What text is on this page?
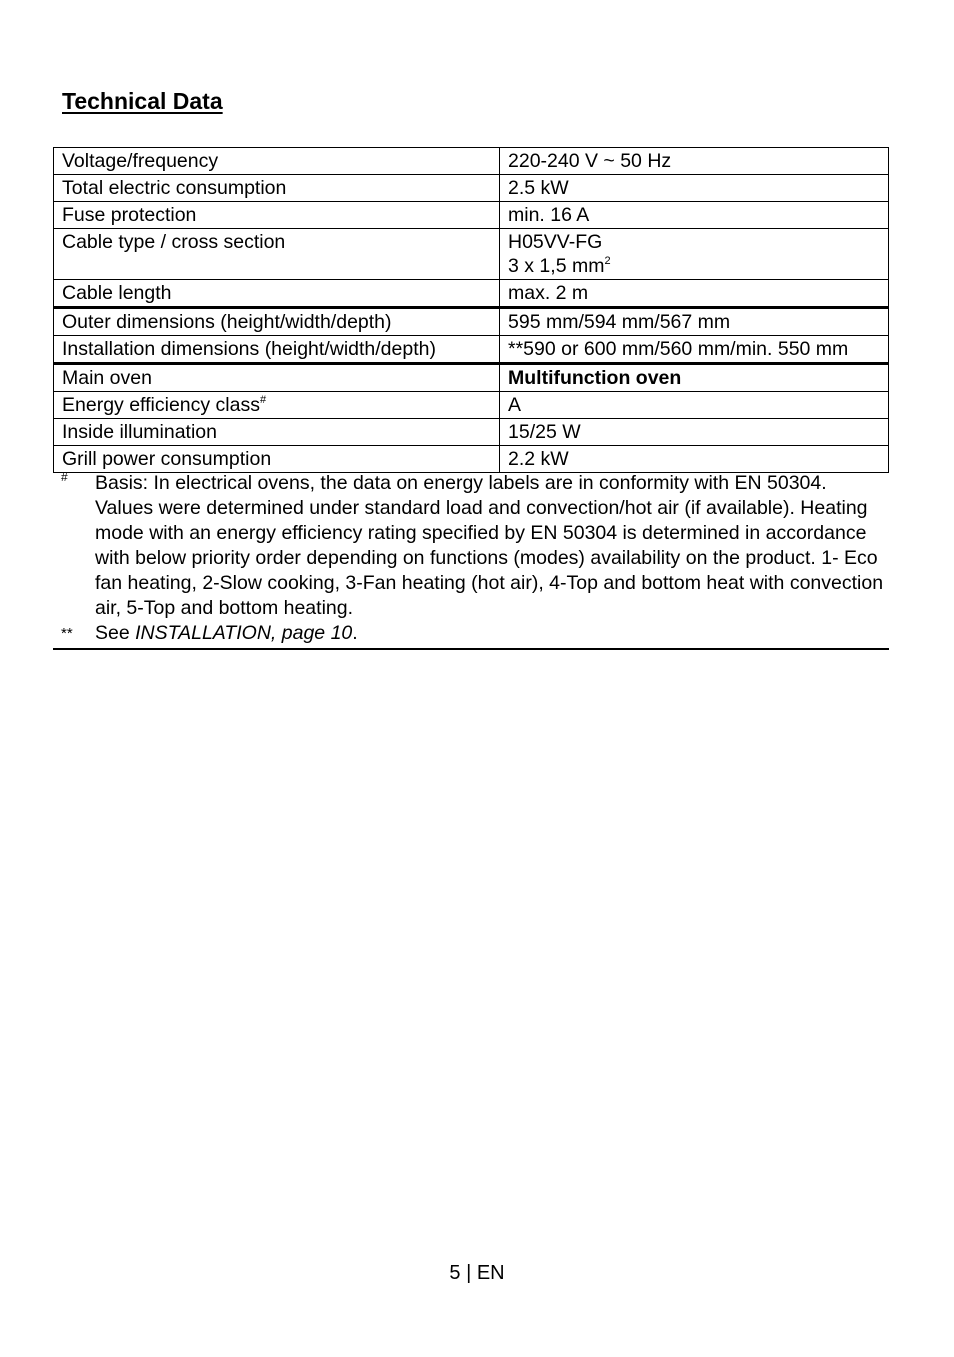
Technical Data
Voltage/frequency	220-240 V ~ 50 Hz
Total electric consumption	2.5 kW
Fuse protection	min. 16 A
Cable type / cross section	H05VV-FG
3 x 1,5 $mm^2$
Cable length	max. 2 m
Outer dimensions (height/width/depth)	595 mm/594 mm/567 mm
Installation dimensions (height/width/depth)	**590 or 600 mm/560 mm/min. 550 mm
Main oven	Multifunction oven
Energy efficiency class#	A
Inside illumination	15/25 W
Grill power consumption	2.2 kW
# Basis: In electrical ovens, the data on energy labels are in conformity with EN 50304. Values were determined under standard load and convection/hot air (if available). Heating mode with an energy efficiency rating specified by EN 50304 is determined in accordance with below priority order depending on functions (modes) availability on the product. 1- Eco fan heating, 2-Slow cooking, 3-Fan heating (hot air), 4-Top and bottom heat with convection air, 5-Top and bottom heating.
** See INSTALLATION, page 10.
5 | EN
